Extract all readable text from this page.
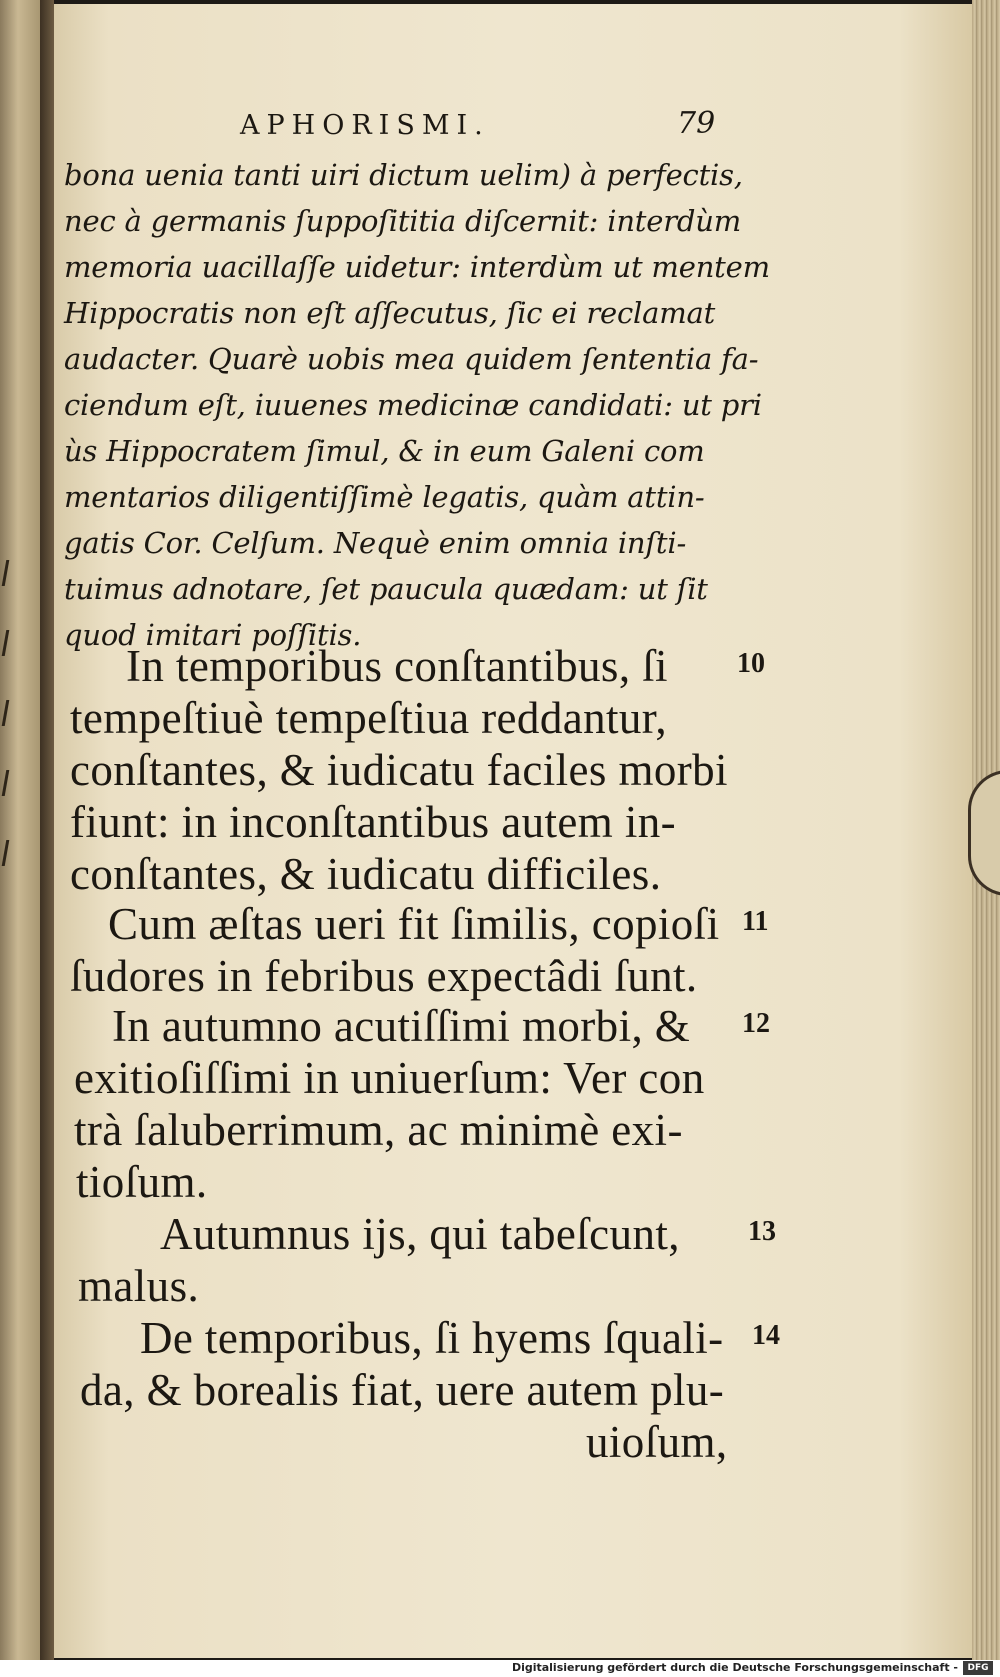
APHORISMI.	79
bona uenia tanti uiri dictum uelim) à perfectis,
nec à germanis ſuppoſititia diſcernit: interdùm
memoria uacillaſſe uidetur: interdùm ut mentem
Hippocratis non eſt aſſecutus, ſic ei reclamat
audacter. Quarè uobis mea quidem ſententia fa-
ciendum eſt, iuuenes medicinæ candidati: ut pri
ùs Hippocratem ſimul, & in eum Galeni com
mentarios diligentiſſimè legatis, quàm attin-
gatis Cor. Celſum. Nequè enim omnia inſti-
tuimus adnotare, ſet paucula quædam: ut ſit
quod imitari poſſitis.
In temporibus conſtantibus, ſi
tempeſtiuè tempeſtiua reddantur,
conſtantes, & iudicatu faciles morbi
fiunt: in inconſtantibus autem in-
conſtantes, & iudicatu difficiles.
Cum æſtas ueri fit ſimilis, copioſi
ſudores in febribus expectâdi ſunt.
In autumno acutiſſimi morbi, &
exitioſiſſimi in uniuerſum: Ver con
trà ſaluberrimum, ac minimè exi-
tioſum.
Autumnus ijs, qui tabeſcunt,
malus.
De temporibus, ſi hyems ſquali-
da, & borealis fiat, uere autem plu-
uioſum,
10
11
12
13
14
Digitalisierung gefördert durch die Deutsche Forschungsgemeinschaft -	DFG
